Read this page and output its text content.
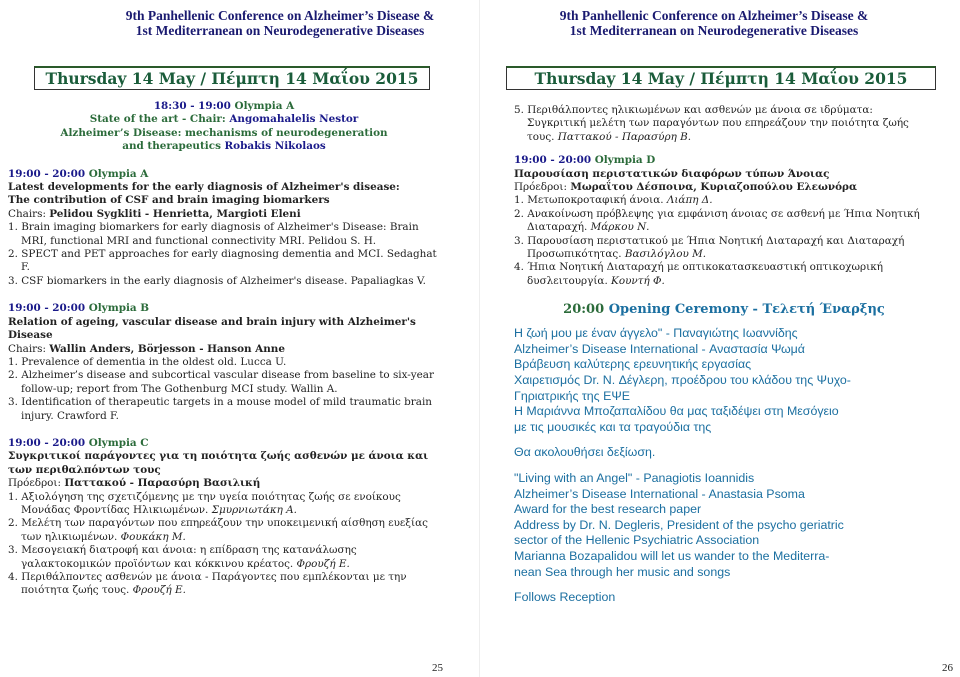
9th Panhellenic Conference on Alzheimer’s Disease &
1st Mediterranean on Neurodegenerative Diseases
Thursday 14 May / Πέμπτη 14 Μαΐου 2015
18:30 - 19:00 Olympia A
State of the art - Chair: Angomahalelis Nestor
Alzheimer’s Disease: mechanisms of neurodegeneration
and therapeutics Robakis Nikolaos
19:00 - 20:00 Olympia A
Latest developments for the early diagnosis of Alzheimer's disease:
The contribution of CSF and brain imaging biomarkers
Chairs: Pelidou Sygkliti - Henrietta, Margioti Eleni
1. Brain imaging biomarkers for early diagnosis of Alzheimer's Disease: Brain MRI, functional MRI and functional connectivity MRI. Pelidou S. H.
2. SPECT and PET approaches for early diagnosing dementia and MCI. Sedaghat F.
3. CSF biomarkers in the early diagnosis of Alzheimer's disease. Papaliagkas V.
19:00 - 20:00 Olympia B
Relation of ageing, vascular disease and brain injury with Alzheimer's Disease
Chairs: Wallin Anders, Börjesson - Hanson Anne
1. Prevalence of dementia in the oldest old. Lucca U.
2. Alzheimer’s disease and subcortical vascular disease from baseline to six-year follow-up; report from The Gothenburg MCI study. Wallin A.
3. Identification of therapeutic targets in a mouse model of mild traumatic brain injury. Crawford F.
19:00 - 20:00 Olympia C
Συγκριτικοί παράγοντες για τη ποιότητα ζωής ασθενών με άνοια και των περιθαλπόντων τους
Πρόεδροι: Παττακού - Παρασύρη Βασιλική
1. Αξιολόγηση της σχετιζόμενης με την υγεία ποιότητας ζωής σε ενοίκους Μονάδας Φροντίδας Ηλικιωμένων. Σμυρνιωτάκη Α.
2. Μελέτη των παραγόντων που επηρεάζουν την υποκειμενική αίσθηση ευεξίας των ηλικιωμένων. Φουκάκη Μ.
3. Μεσογειακή διατροφή και άνοια: η επίδραση της κατανάλωσης γαλακτοκομικών προϊόντων και κόκκινου κρέατος. Φρουζή Ε.
4. Περιθάλποντες ασθενών με άνοια - Παράγοντες που εμπλέκονται με την ποιότητα ζωής τους. Φρουζή Ε.
25
9th Panhellenic Conference on Alzheimer’s Disease &
1st Mediterranean on Neurodegenerative Diseases
Thursday 14 May / Πέμπτη 14 Μαΐου 2015
5. Περιθάλποντες ηλικιωμένων και ασθενών με άνοια σε ιδρύματα: Συγκριτική μελέτη των παραγόντων που επηρεάζουν την ποιότητα ζωής τους. Παττακού - Παρασύρη Β.
19:00 - 20:00 Olympia D
Παρουσίαση περιστατικών διαφόρων τύπων Άνοιας
Πρόεδροι: Μωραΐτου Δέσποινα, Κυριαζοπούλου Ελεωνόρα
1. Μετωποκροταφική άνοια. Λιάπη Δ.
2. Ανακοίνωση πρόβλεψης για εμφάνιση άνοιας σε ασθενή με Ήπια Νοητική Διαταραχή. Μάρκου Ν.
3. Παρουσίαση περιστατικού με Ήπια Νοητική Διαταραχή και Διαταραχή Προσωπικότητας. Βασιλόγλου Μ.
4. Ήπια Νοητική Διαταραχή με οπτικοκατασκευαστική οπτικοχωρική δυσλειτουργία. Κουντή Φ.
20:00 Opening Ceremony - Τελετή Έναρξης
Η ζωή μου με έναν άγγελο" - Παναγιώτης Ιωαννίδης
Alzheimer’s Disease International - Αναστασία Ψωμά
Βράβευση καλύτερης ερευνητικής εργασίας
Χαιρετισμός Dr. N. Δέγλερη, προέδρου του κλάδου της Ψυχο-
Γηριατρικής της ΕΨΕ
Η Μαριάννα Μποζαπαλίδου θα μας ταξιδέψει στη Μεσόγειο
με τις μουσικές και τα τραγούδια της
Θα ακολουθήσει δεξίωση.
"Living with an Angel" - Panagiotis Ioannidis
Alzheimer’s Disease International - Anastasia Psoma
Award for the best research paper
Address by Dr. N. Degleris, President of the psycho geriatric
sector of the Hellenic Psychiatric Association
Marianna Bozapalidou will let us wander to the Mediterra-
nean Sea through her music and songs
Follows Reception
26
